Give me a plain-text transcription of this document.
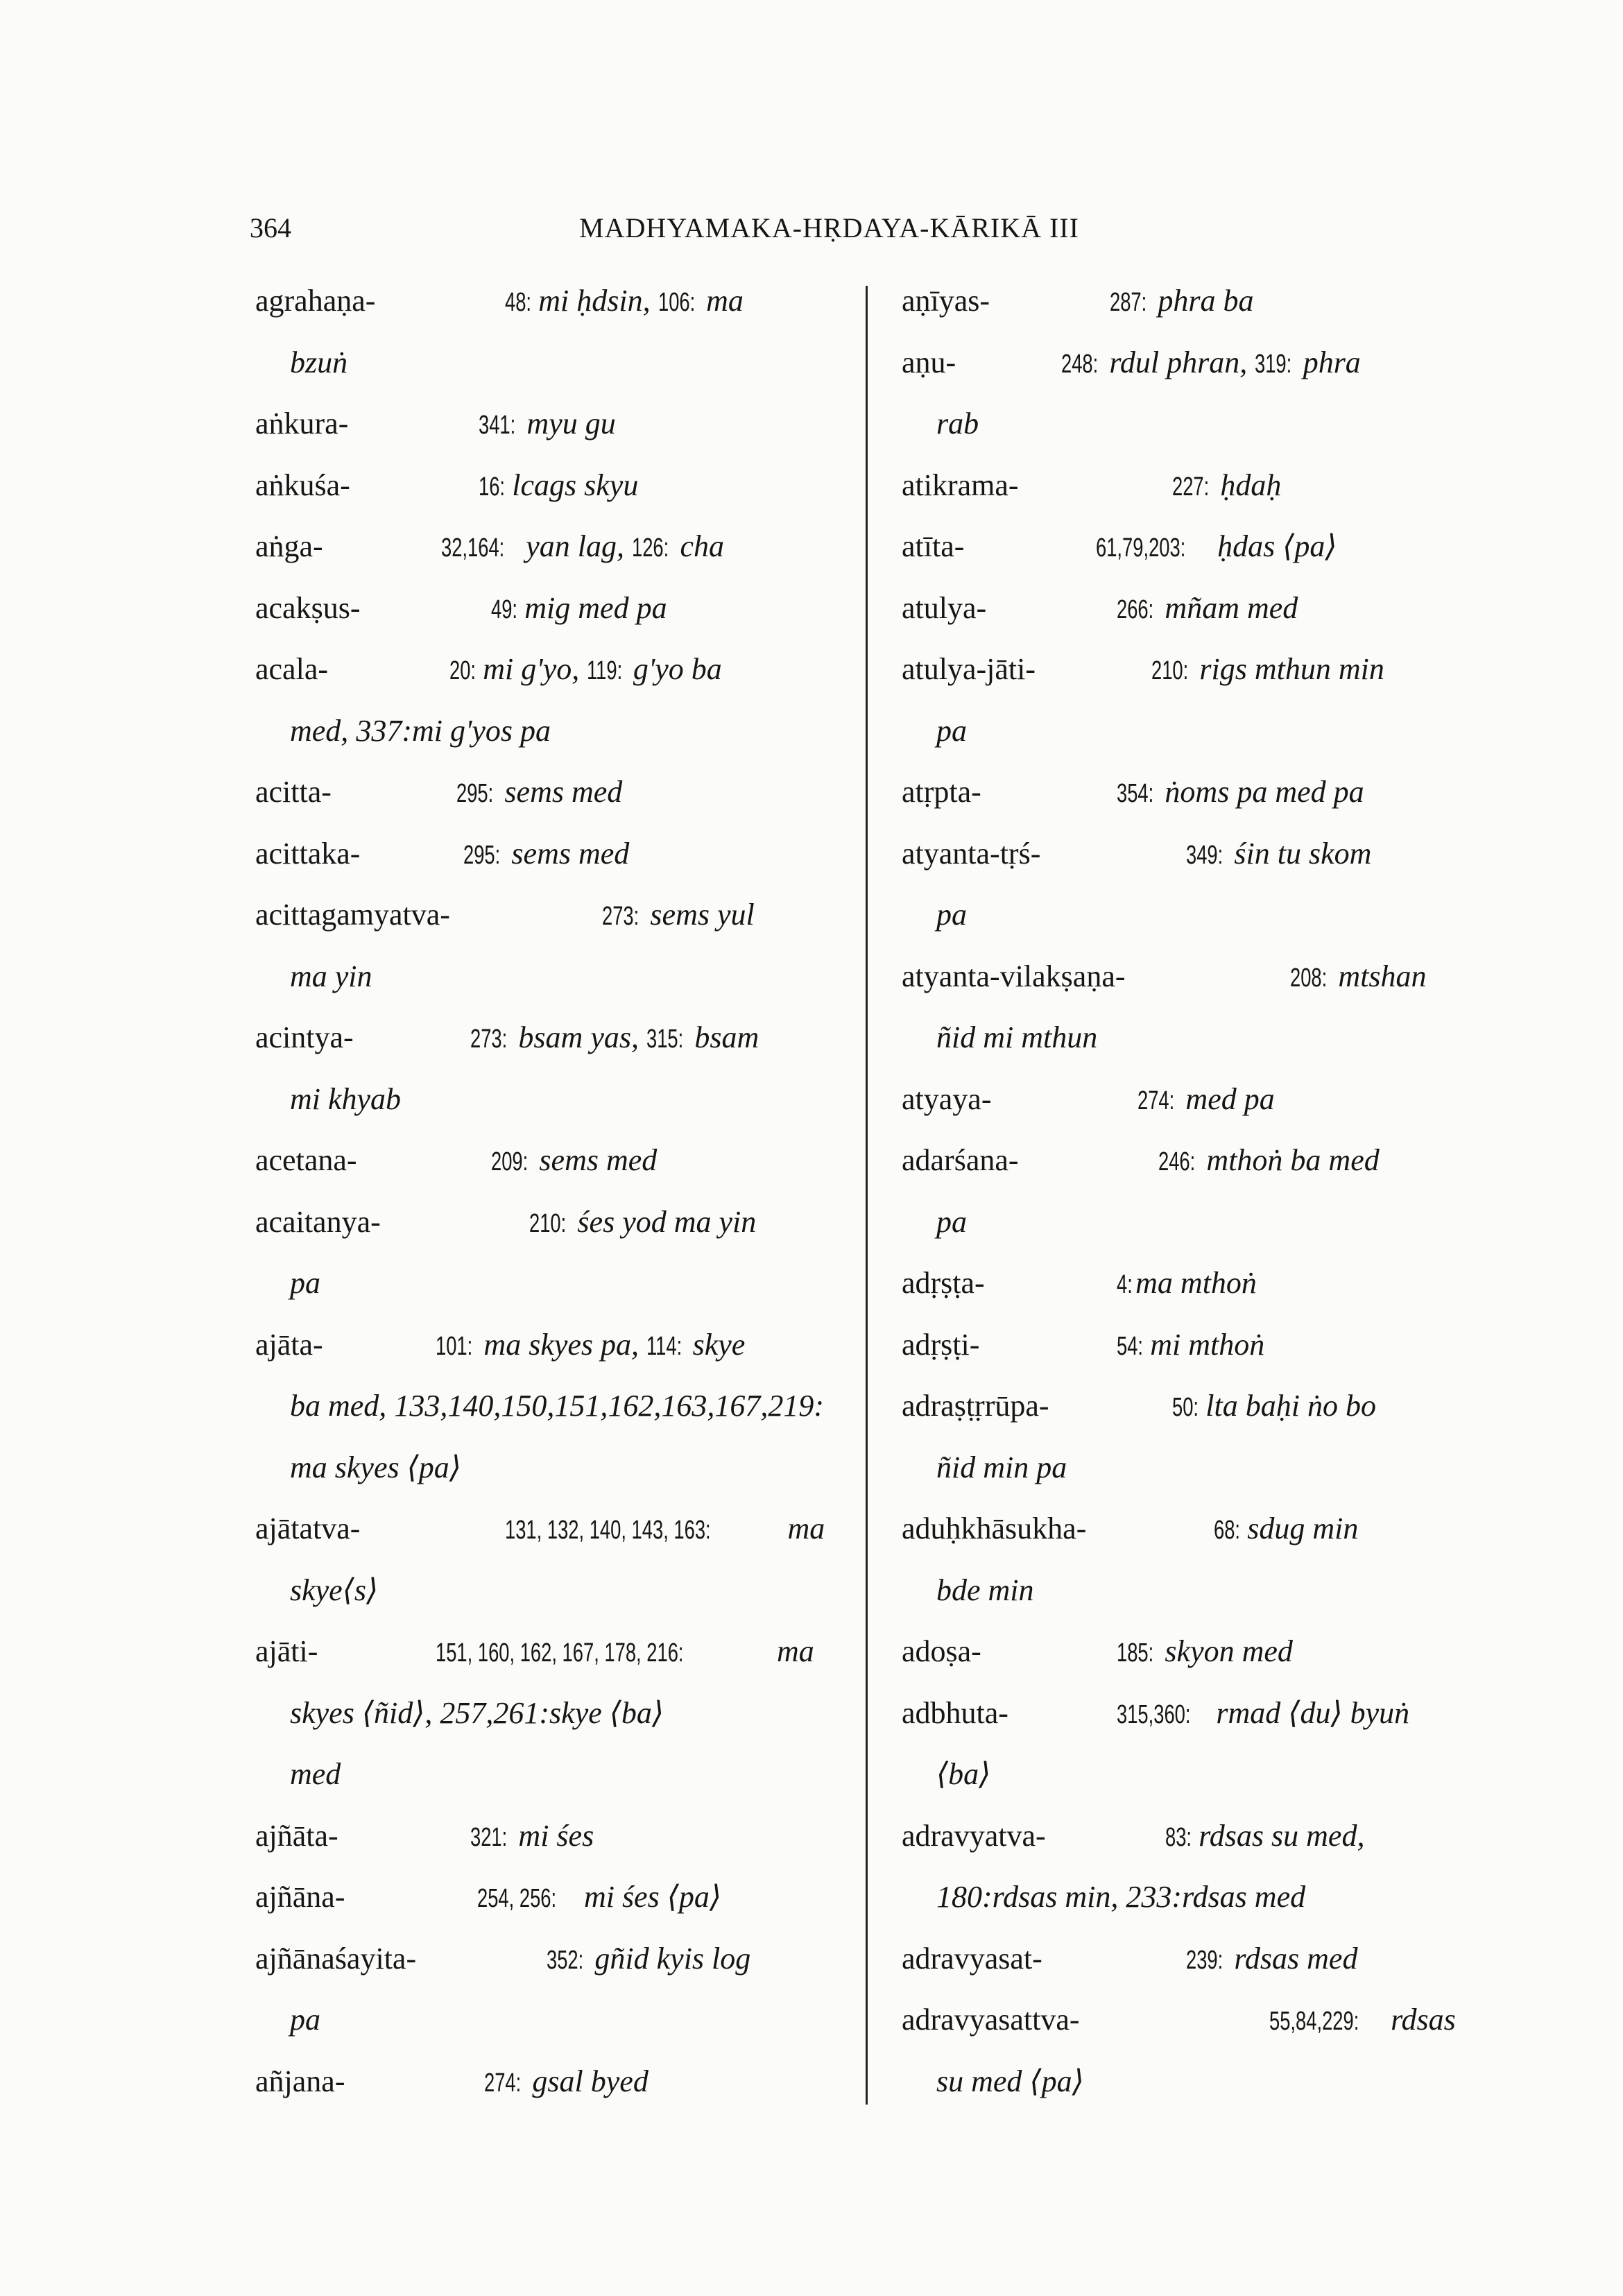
364	MADHYAMAKA-HṚDAYA-KĀRIKĀ III
agrahaṇa-	48: mi ḥdsin, 106: ma
bzuṅ
aṅkura-	341: myu gu
aṅkuśa-	16: lcags skyu
aṅga-	32,164: yan lag, 126: cha
acakṣus-	49: mig med pa
acala-	20: mi g'yo, 119: g'yo ba
med, 337:mi g'yos pa
acitta-	295: sems med
acittaka-	295: sems med
acittagamyatva-	273: sems yul
ma yin
acintya-	273: bsam yas, 315: bsam
mi khyab
acetana-	209: sems med
acaitanya-	210: śes yod ma yin
pa
ajāta-	101: ma skyes pa, 114: skye
ba med, 133,140,150,151,162,163,167,219:
ma skyes ⟨pa⟩
ajātatva-	131, 132, 140, 143, 163:	ma
skye⟨s⟩
ajāti-	151, 160, 162, 167, 178, 216:	ma
skyes ⟨ñid⟩, 257,261:skye ⟨ba⟩
med
ajñāta-	321: mi śes
ajñāna-	254, 256: mi śes ⟨pa⟩
ajñānaśayita-	352: gñid kyis log
pa
añjana-	274: gsal byed
aṇīyas-	287: phra ba
aṇu-	248: rdul phran, 319: phra
rab
atikrama-	227: ḥdaḥ
atīta-	61,79,203: ḥdas ⟨pa⟩
atulya-	266: mñam med
atulya-jāti-	210: rigs mthun min
pa
atṛpta-	354: ṅoms pa med pa
atyanta-tṛś-	349: śin tu skom
pa
atyanta-vilakṣaṇa-	208: mtshan
ñid mi mthun
atyaya-	274: med pa
adarśana-	246: mthoṅ ba med
pa
adṛṣṭa-	4:ma mthoṅ
adṛṣṭi-	54: mi mthoṅ
adraṣṭṛrūpa-	50: lta baḥi ṅo bo
ñid min pa
aduḥkhāsukha-	68: sdug min
bde min
adoṣa-	185: skyon med
adbhuta-	315,360: rmad ⟨du⟩ byuṅ
⟨ba⟩
adravyatva-	83: rdsas su med,
180:rdsas min, 233:rdsas med
adravyasat-	239: rdsas med
adravyasattva-	55,84,229: rdsas
su med ⟨pa⟩
